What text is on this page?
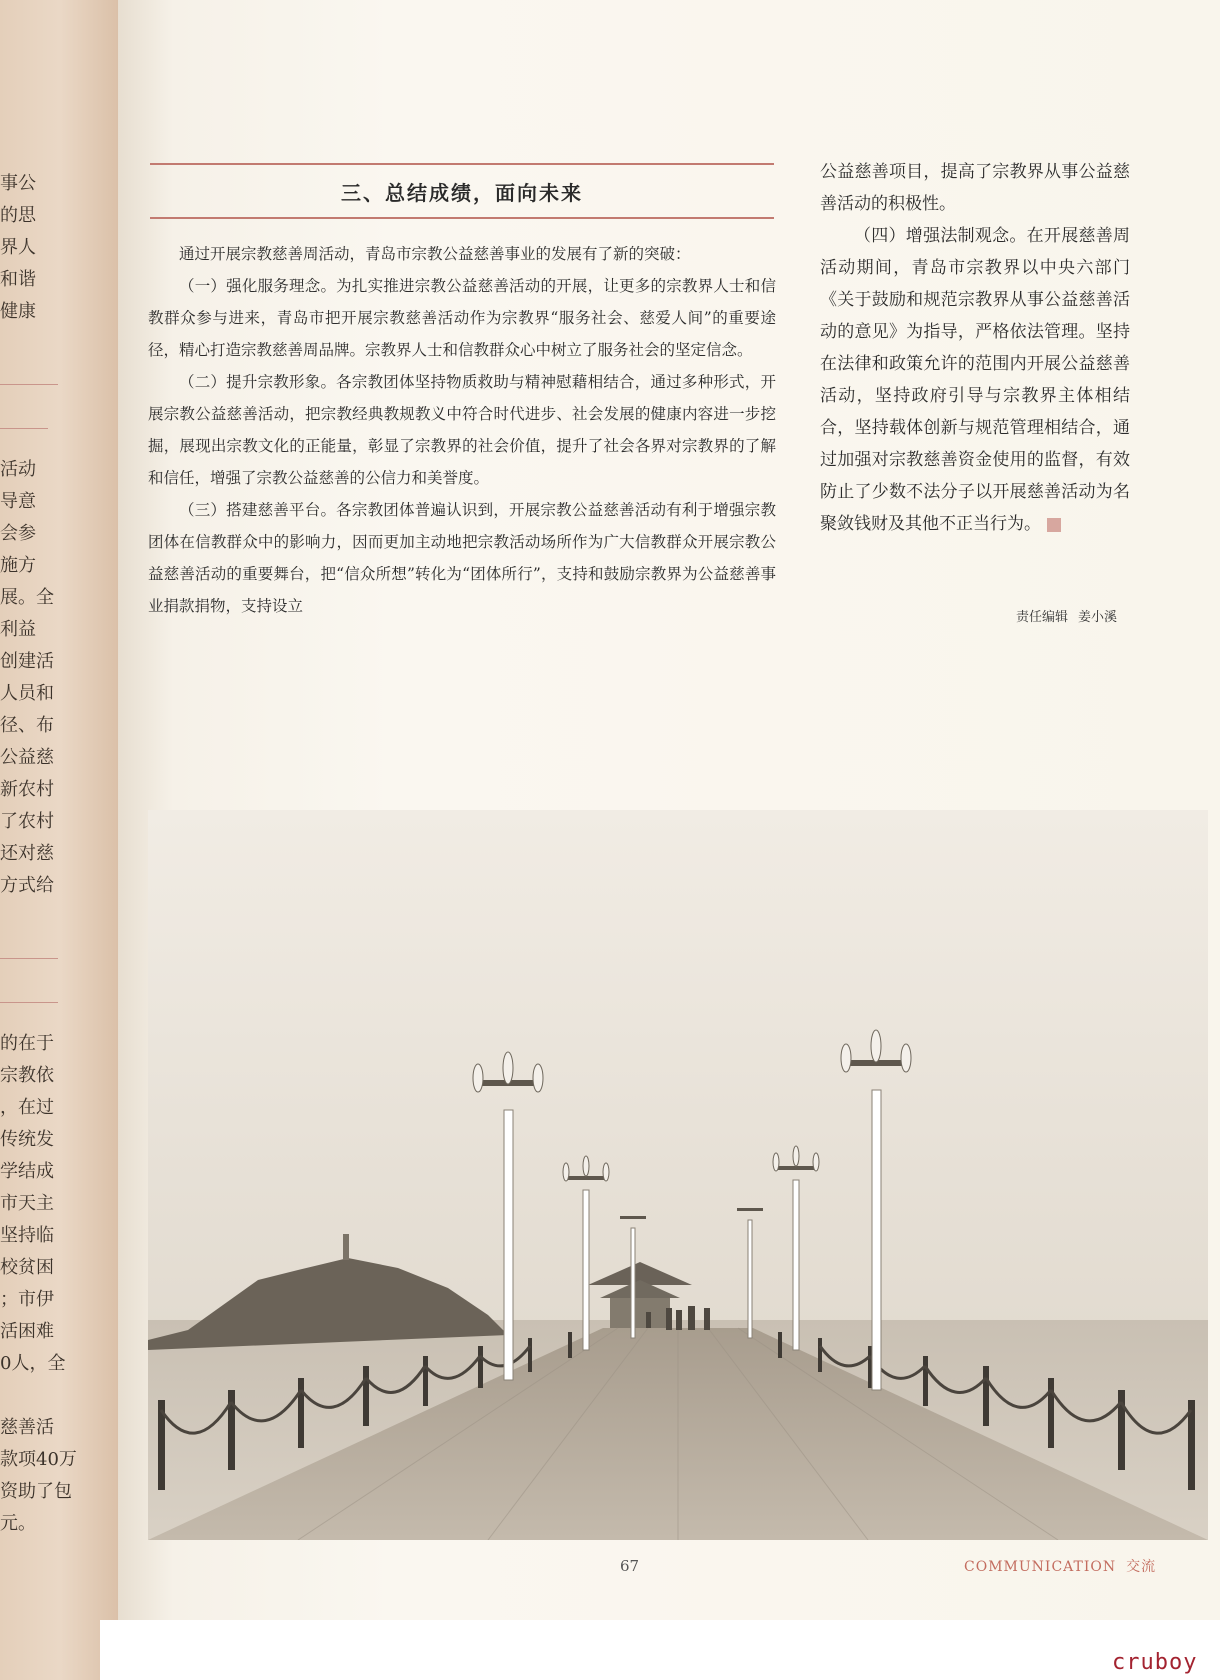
事公

的思

界人

和谐

健康

活动

导意

会参

施方

展。全

利益

创建活

人员和

径、布

公益慈

新农村

了农村

还对慈

方式给

的在于

宗教依

，在过

传统发

学结成

市天主

坚持临

校贫困

；市伊

活困难

0人，全

慈善活

款项40万

资助了包

元。

三、总结成绩，面向未来

通过开展宗教慈善周活动，青岛市宗教公益慈善事业的发展有了新的突破：

（一）强化服务理念。为扎实推进宗教公益慈善活动的开展，让更多的宗教界人士和信教群众参与进来，青岛市把开展宗教慈善活动作为宗教界“服务社会、慈爱人间”的重要途径，精心打造宗教慈善周品牌。宗教界人士和信教群众心中树立了服务社会的坚定信念。

（二）提升宗教形象。各宗教团体坚持物质救助与精神慰藉相结合，通过多种形式，开展宗教公益慈善活动，把宗教经典教规教义中符合时代进步、社会发展的健康内容进一步挖掘，展现出宗教文化的正能量，彰显了宗教界的社会价值，提升了社会各界对宗教界的了解和信任，增强了宗教公益慈善的公信力和美誉度。

（三）搭建慈善平台。各宗教团体普遍认识到，开展宗教公益慈善活动有利于增强宗教团体在信教群众中的影响力，因而更加主动地把宗教活动场所作为广大信教群众开展宗教公益慈善活动的重要舞台，把“信众所想”转化为“团体所行”，支持和鼓励宗教界为公益慈善事业捐款捐物，支持设立

公益慈善项目，提高了宗教界从事公益慈善活动的积极性。

（四）增强法制观念。在开展慈善周活动期间，青岛市宗教界以中央六部门《关于鼓励和规范宗教界从事公益慈善活动的意见》为指导，严格依法管理。坚持在法律和政策允许的范围内开展公益慈善活动，坚持政府引导与宗教界主体相结合，坚持载体创新与规范管理相结合，通过加强对宗教慈善资金使用的监督，有效防止了少数不法分子以开展慈善活动为名聚敛钱财及其他不正当行为。

责任编辑 姜小溪
67	COMMUNICATION 交流
cruboy
